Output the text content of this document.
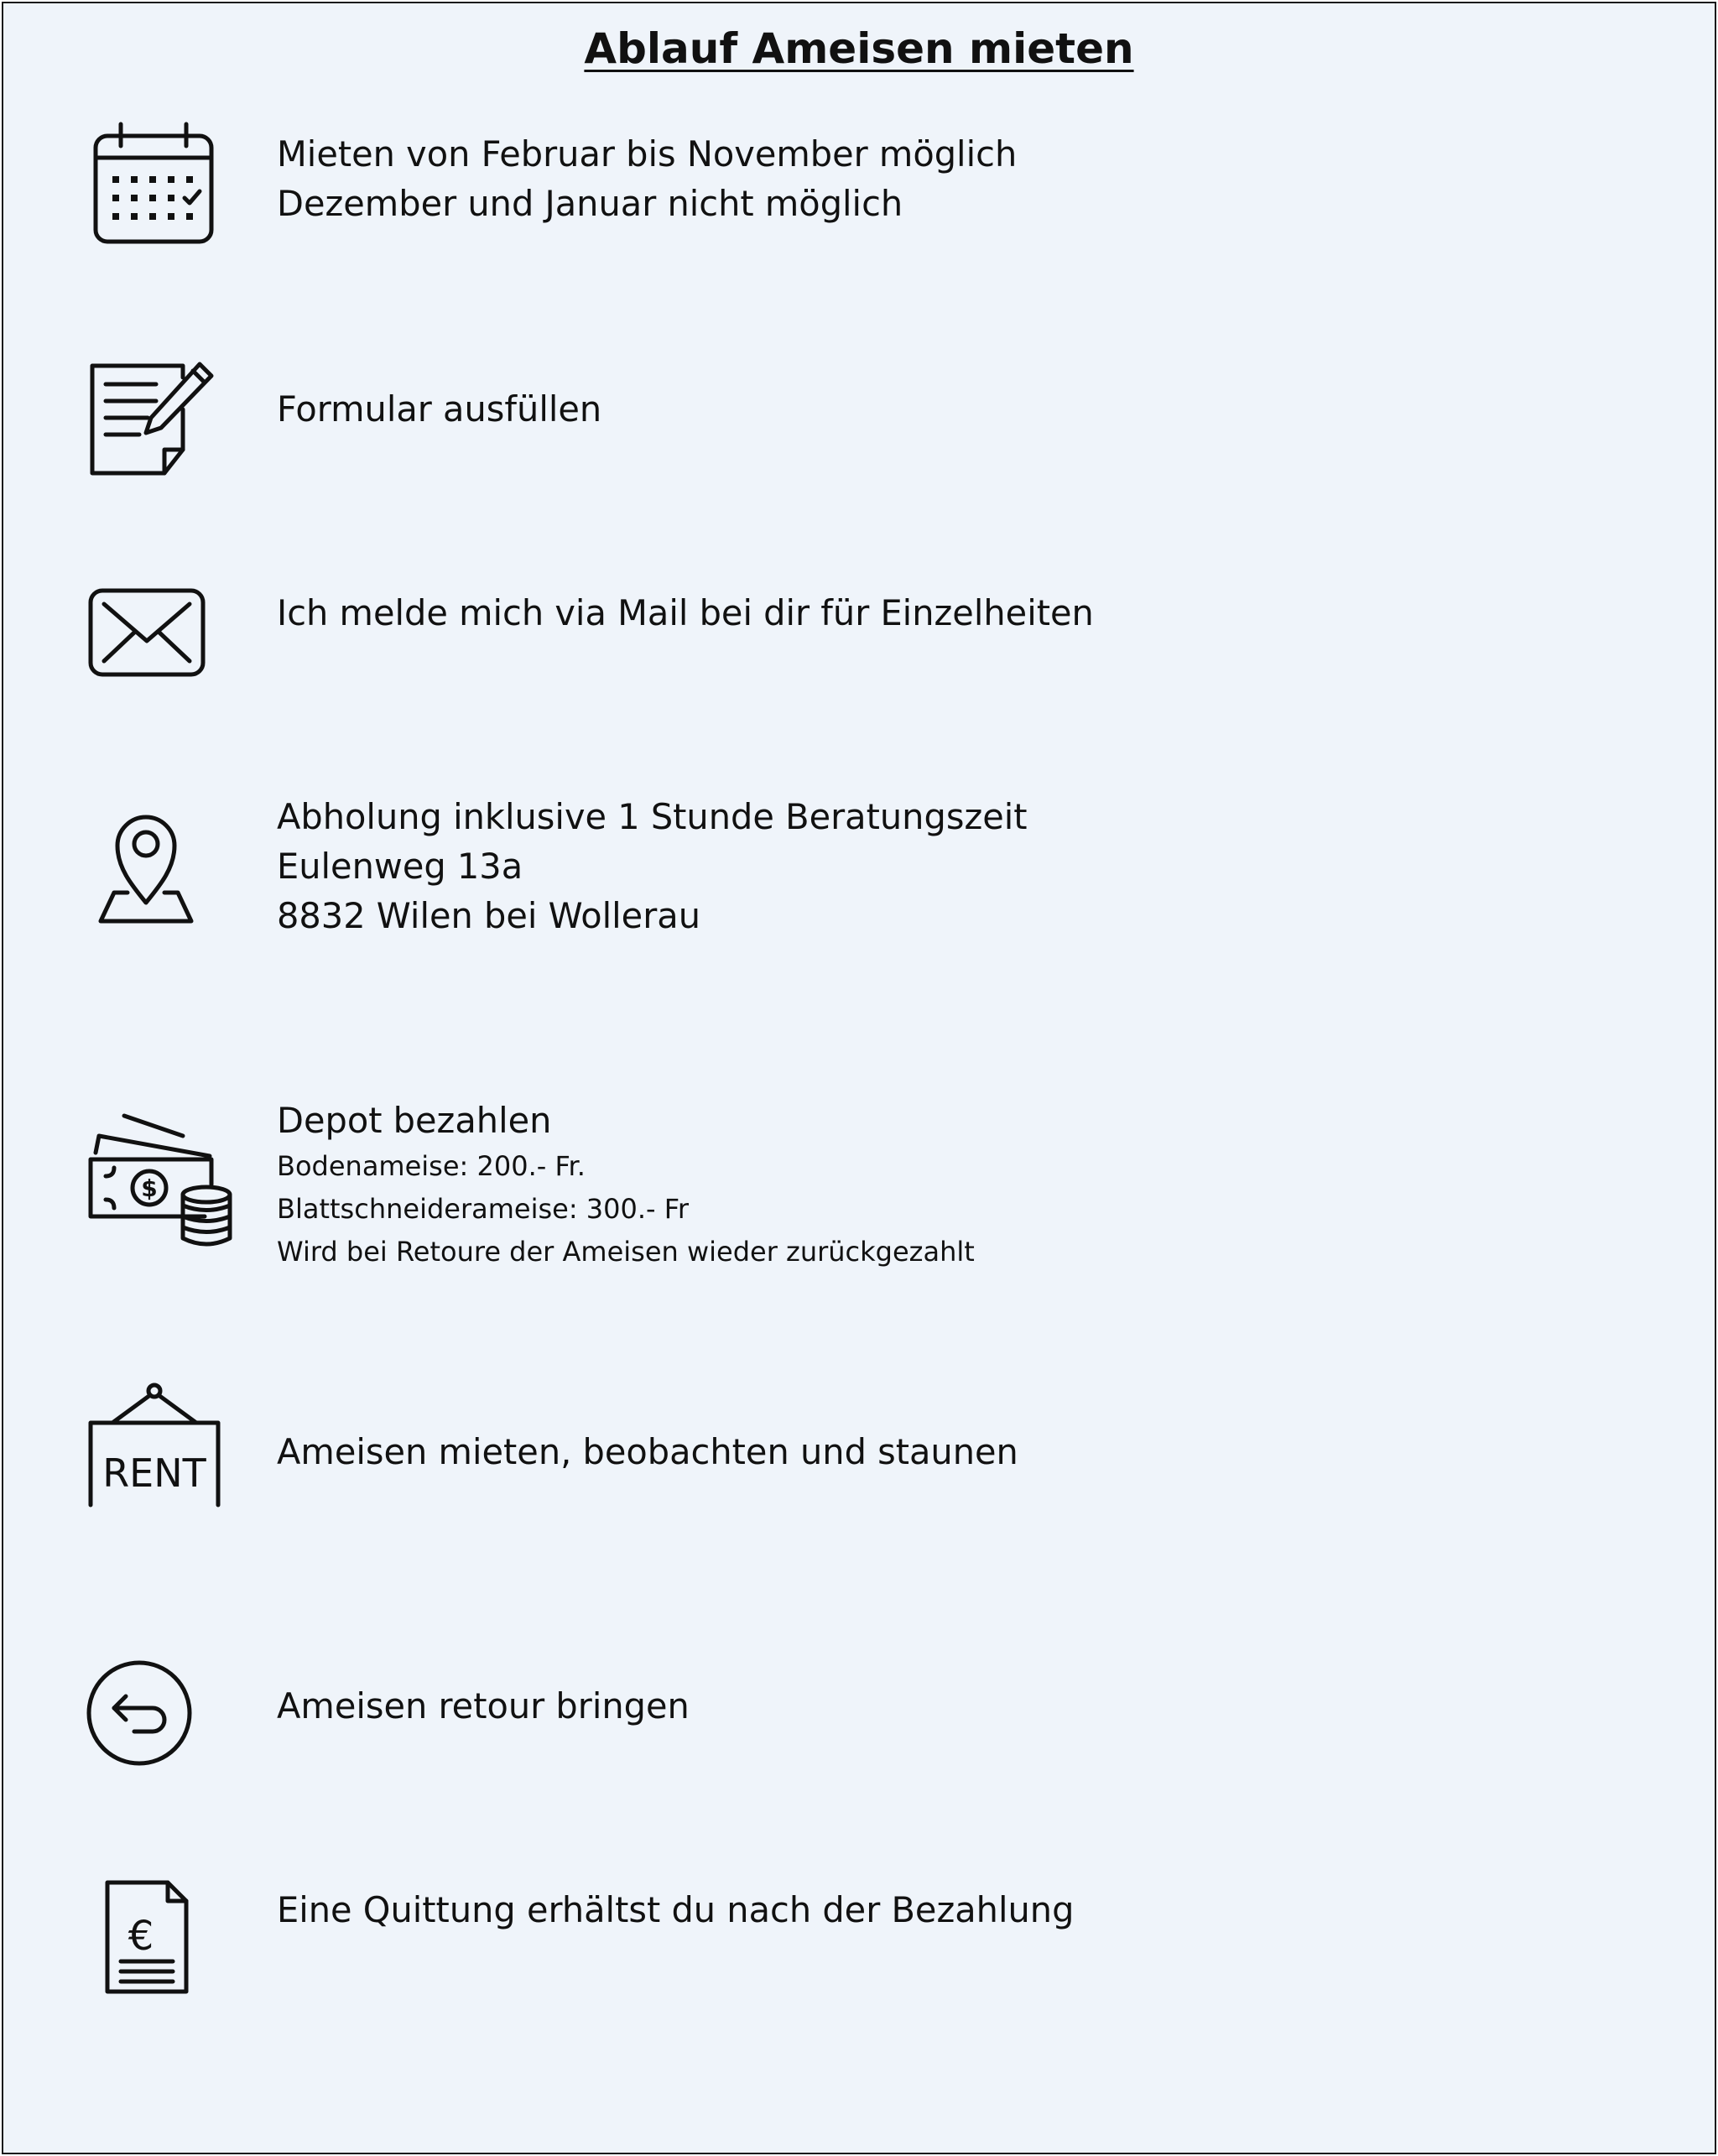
Ablauf Ameisen mieten
Mieten von Februar bis November möglich
Dezember und Januar nicht möglich
Formular ausfüllen
Ich melde mich via Mail bei dir für Einzelheiten
Abholung inklusive 1 Stunde Beratungszeit
Eulenweg 13a
8832 Wilen bei Wollerau
$
Depot bezahlen
Bodenameise: 200.- Fr.
Blattschneiderameise: 300.- Fr
Wird bei Retoure der Ameisen wieder zurückgezahlt
RENT Ameisen mieten, beobachten und staunen
Ameisen retour bringen
€
Eine Quittung erhältst du nach der Bezahlung
